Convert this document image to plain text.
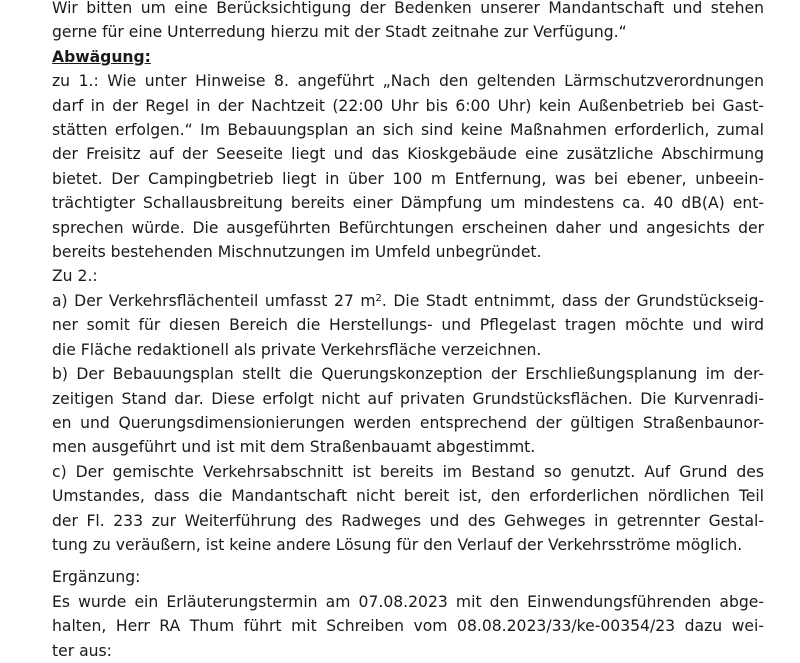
Wir bitten um eine Berücksichtigung der Bedenken unserer Mandantschaft und stehen
gerne für eine Unterredung hierzu mit der Stadt zeitnahe zur Verfügung.“
Abwägung:
zu 1.: Wie unter Hinweise 8. angeführt „Nach den geltenden Lärmschutzverordnungen
darf in der Regel in der Nachtzeit (22:00 Uhr bis 6:00 Uhr) kein Außenbetrieb bei Gast-
stätten erfolgen.“ Im Bebauungsplan an sich sind keine Maßnahmen erforderlich, zumal
der Freisitz auf der Seeseite liegt und das Kioskgebäude eine zusätzliche Abschirmung
bietet. Der Campingbetrieb liegt in über 100 m Entfernung, was bei ebener, unbeein-
trächtigter Schallausbreitung bereits einer Dämpfung um mindestens ca. 40 dB(A) ent-
sprechen würde. Die ausgeführten Befürchtungen erscheinen daher und angesichts der
bereits bestehenden Mischnutzungen im Umfeld unbegründet.
Zu 2.:
a) Der Verkehrsflächenteil umfasst 27 $m^2$. Die Stadt entnimmt, dass der Grundstückseig-
ner somit für diesen Bereich die Herstellungs- und Pflegelast tragen möchte und wird
die Fläche redaktionell als private Verkehrsfläche verzeichnen.
b) Der Bebauungsplan stellt die Querungskonzeption der Erschließungsplanung im der-
zeitigen Stand dar. Diese erfolgt nicht auf privaten Grundstücksflächen. Die Kurvenradi-
en und Querungsdimensionierungen werden entsprechend der gültigen Straßenbaunor-
men ausgeführt und ist mit dem Straßenbauamt abgestimmt.
c) Der gemischte Verkehrsabschnitt ist bereits im Bestand so genutzt. Auf Grund des
Umstandes, dass die Mandantschaft nicht bereit ist, den erforderlichen nördlichen Teil
der Fl. 233 zur Weiterführung des Radweges und des Gehweges in getrennter Gestal-
tung zu veräußern, ist keine andere Lösung für den Verlauf der Verkehrsströme möglich.
Ergänzung:
Es wurde ein Erläuterungstermin am 07.08.2023 mit den Einwendungsführenden abge-
halten, Herr RA Thum führt mit Schreiben vom 08.08.2023/33/ke-00354/23 dazu wei-
ter aus:
